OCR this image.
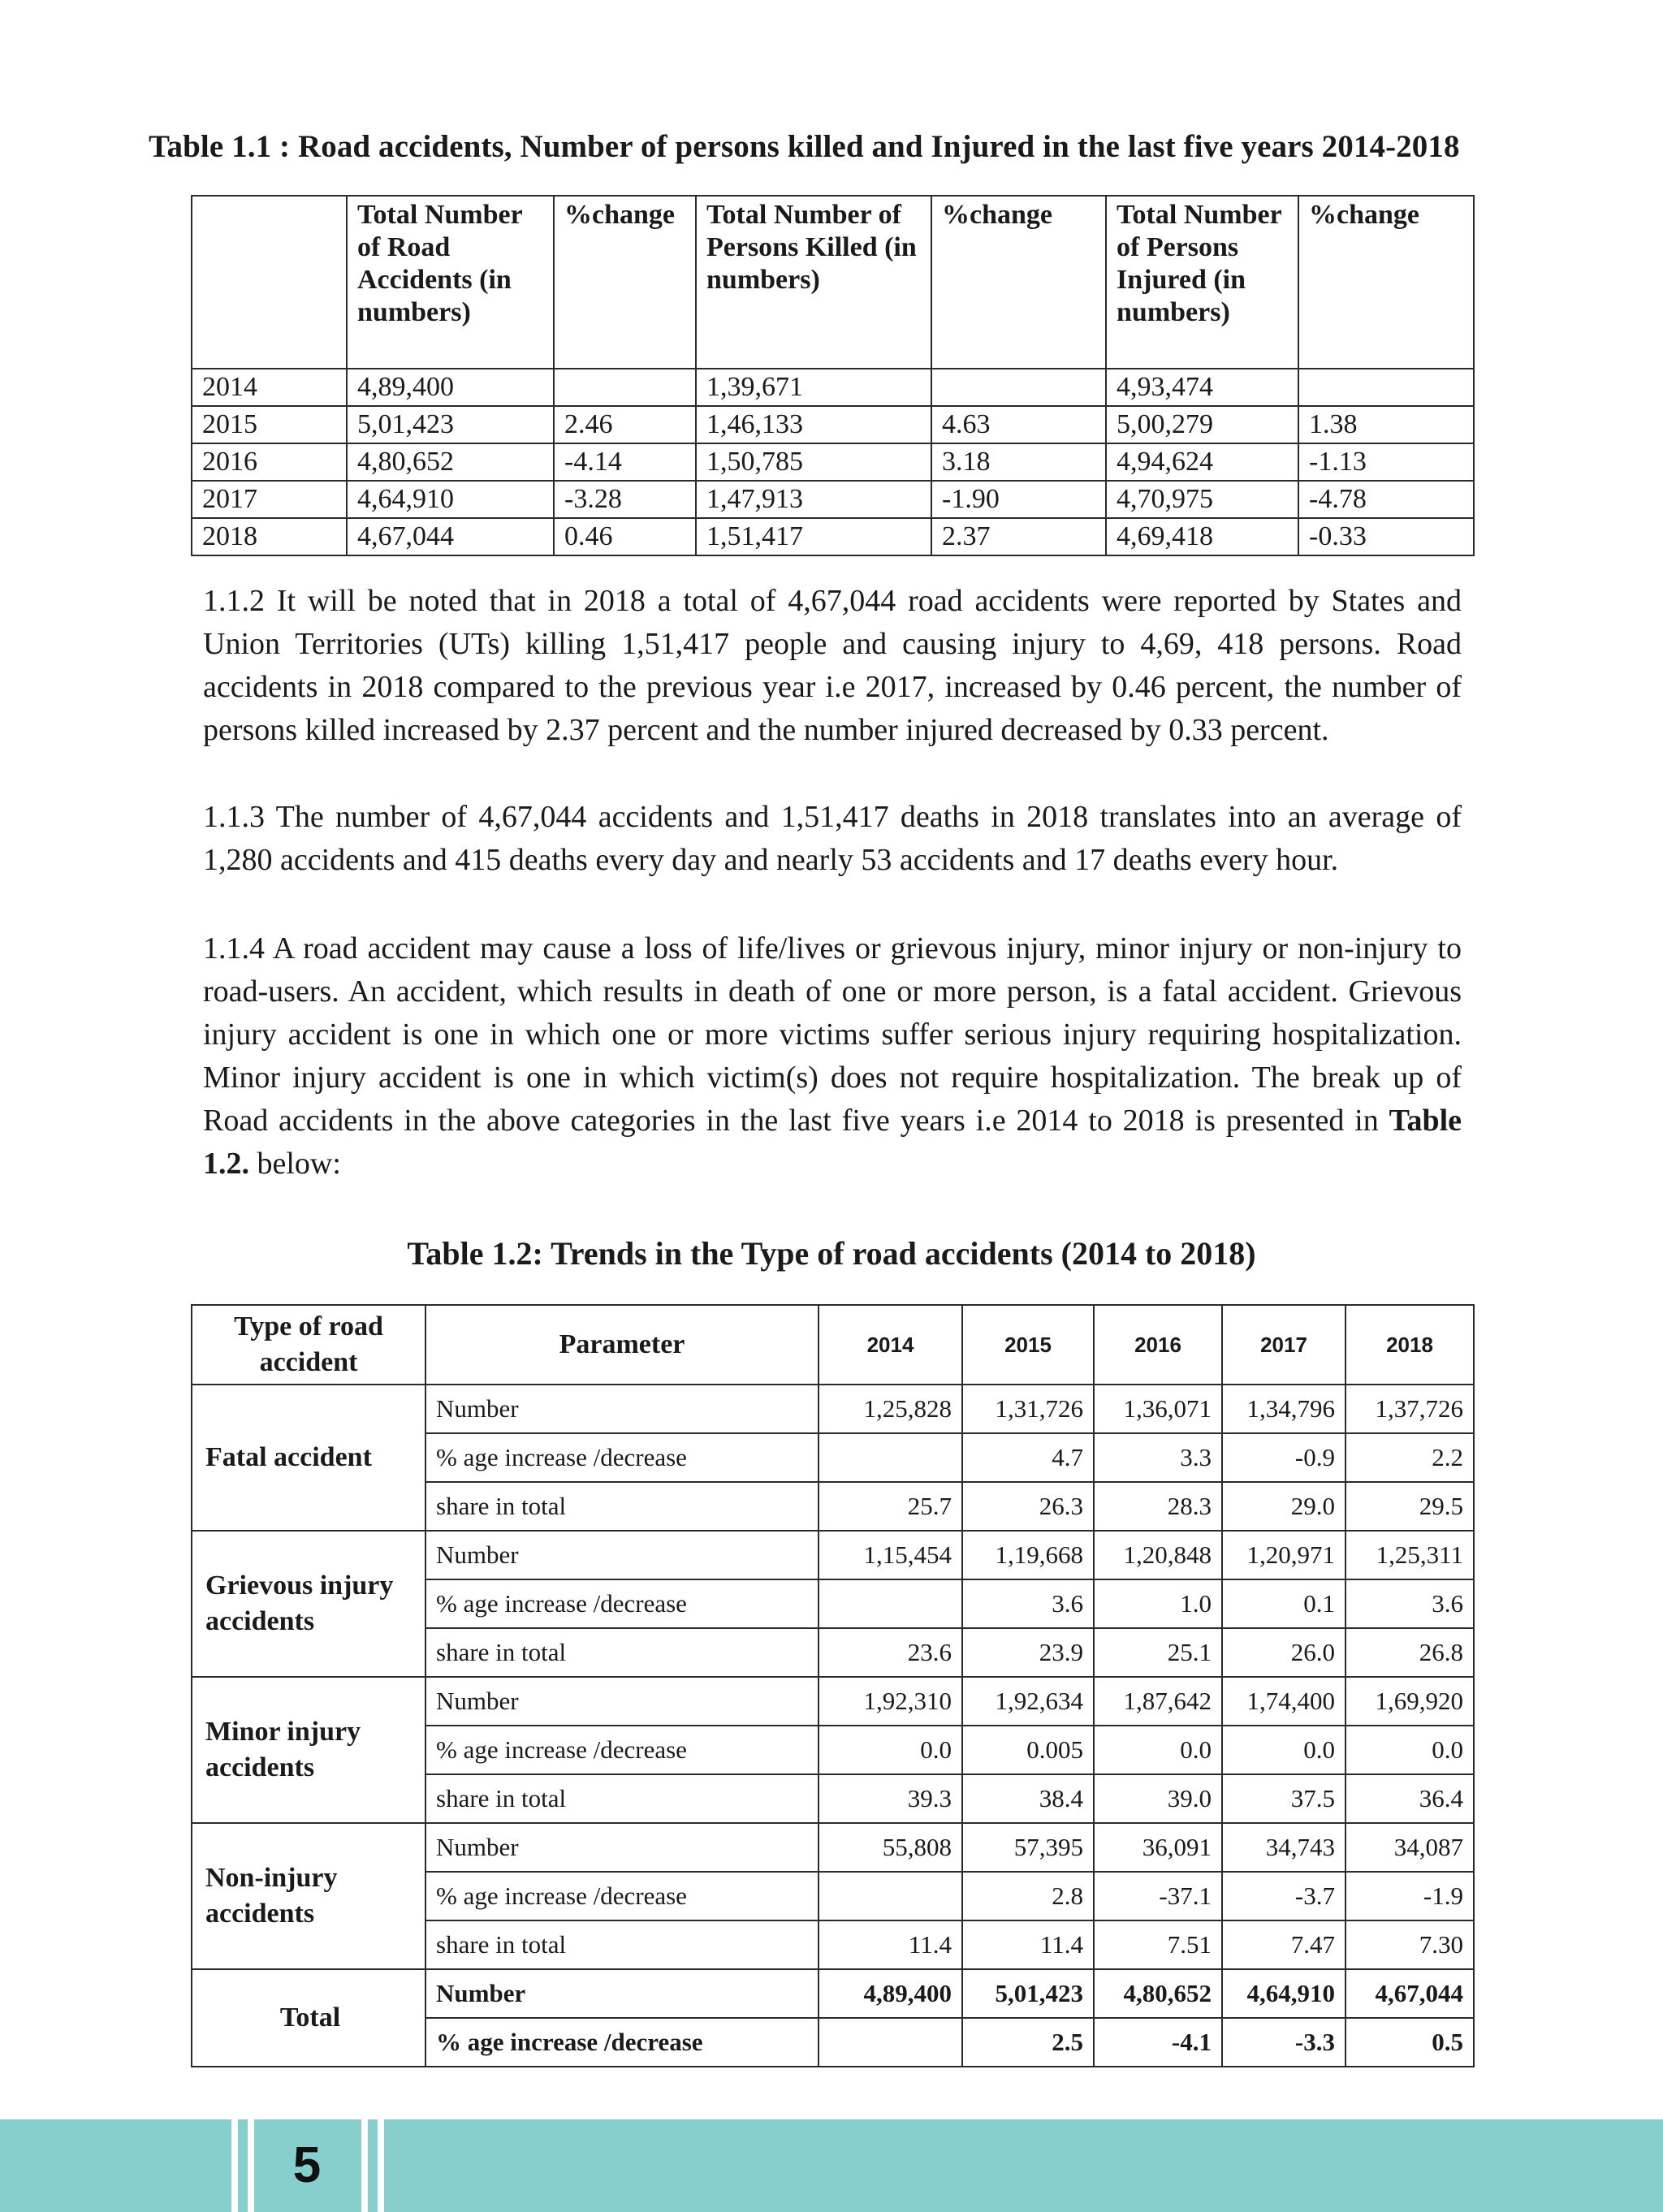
Table 1.1 : Road accidents, Number of persons killed and Injured in the last five years 2014-2018
	Total Number of Road Accidents (in numbers)	%change	Total Number of Persons Killed (in numbers)	%change	Total Number of Persons Injured (in numbers)	%change
2014	4,89,400		1,39,671		4,93,474	
2015	5,01,423	2.46	1,46,133	4.63	5,00,279	1.38
2016	4,80,652	-4.14	1,50,785	3.18	4,94,624	-1.13
2017	4,64,910	-3.28	1,47,913	-1.90	4,70,975	-4.78
2018	4,67,044	0.46	1,51,417	2.37	4,69,418	-0.33
1.1.2 It will be noted that in 2018 a total of 4,67,044 road accidents were reported by States and Union Territories (UTs) killing 1,51,417 people and causing injury to 4,69, 418 persons. Road accidents in 2018 compared to the previous year i.e 2017, increased by 0.46 percent, the number of persons killed increased by 2.37 percent and the number injured decreased by 0.33 percent.
1.1.3 The number of 4,67,044 accidents and 1,51,417 deaths in 2018 translates into an average of 1,280 accidents and 415 deaths every day and nearly 53 accidents and 17 deaths every hour.
1.1.4 A road accident may cause a loss of life/lives or grievous injury, minor injury or non-injury to road-users. An accident, which results in death of one or more person, is a fatal accident. Grievous injury accident is one in which one or more victims suffer serious injury requiring hospitalization. Minor injury accident is one in which victim(s) does not require hospitalization. The break up of Road accidents in the above categories in the last five years i.e 2014 to 2018 is presented in Table 1.2. below:
Table 1.2: Trends in the Type of road accidents (2014 to 2018)
Type of road accident	Parameter	2014	2015	2016	2017	2018
Fatal accident	Number	1,25,828	1,31,726	1,36,071	1,34,796	1,37,726
	% age increase /decrease		4.7	3.3	-0.9	2.2
	share in total	25.7	26.3	28.3	29.0	29.5
Grievous injury accidents	Number	1,15,454	1,19,668	1,20,848	1,20,971	1,25,311
	% age increase /decrease		3.6	1.0	0.1	3.6
	share in total	23.6	23.9	25.1	26.0	26.8
Minor injury accidents	Number	1,92,310	1,92,634	1,87,642	1,74,400	1,69,920
	% age increase /decrease	0.0	0.005	0.0	0.0	0.0
	share in total	39.3	38.4	39.0	37.5	36.4
Non-injury accidents	Number	55,808	57,395	36,091	34,743	34,087
	% age increase /decrease		2.8	-37.1	-3.7	-1.9
	share in total	11.4	11.4	7.51	7.47	7.30
Total	Number	4,89,400	5,01,423	4,80,652	4,64,910	4,67,044
	% age increase /decrease		2.5	-4.1	-3.3	0.5
5
